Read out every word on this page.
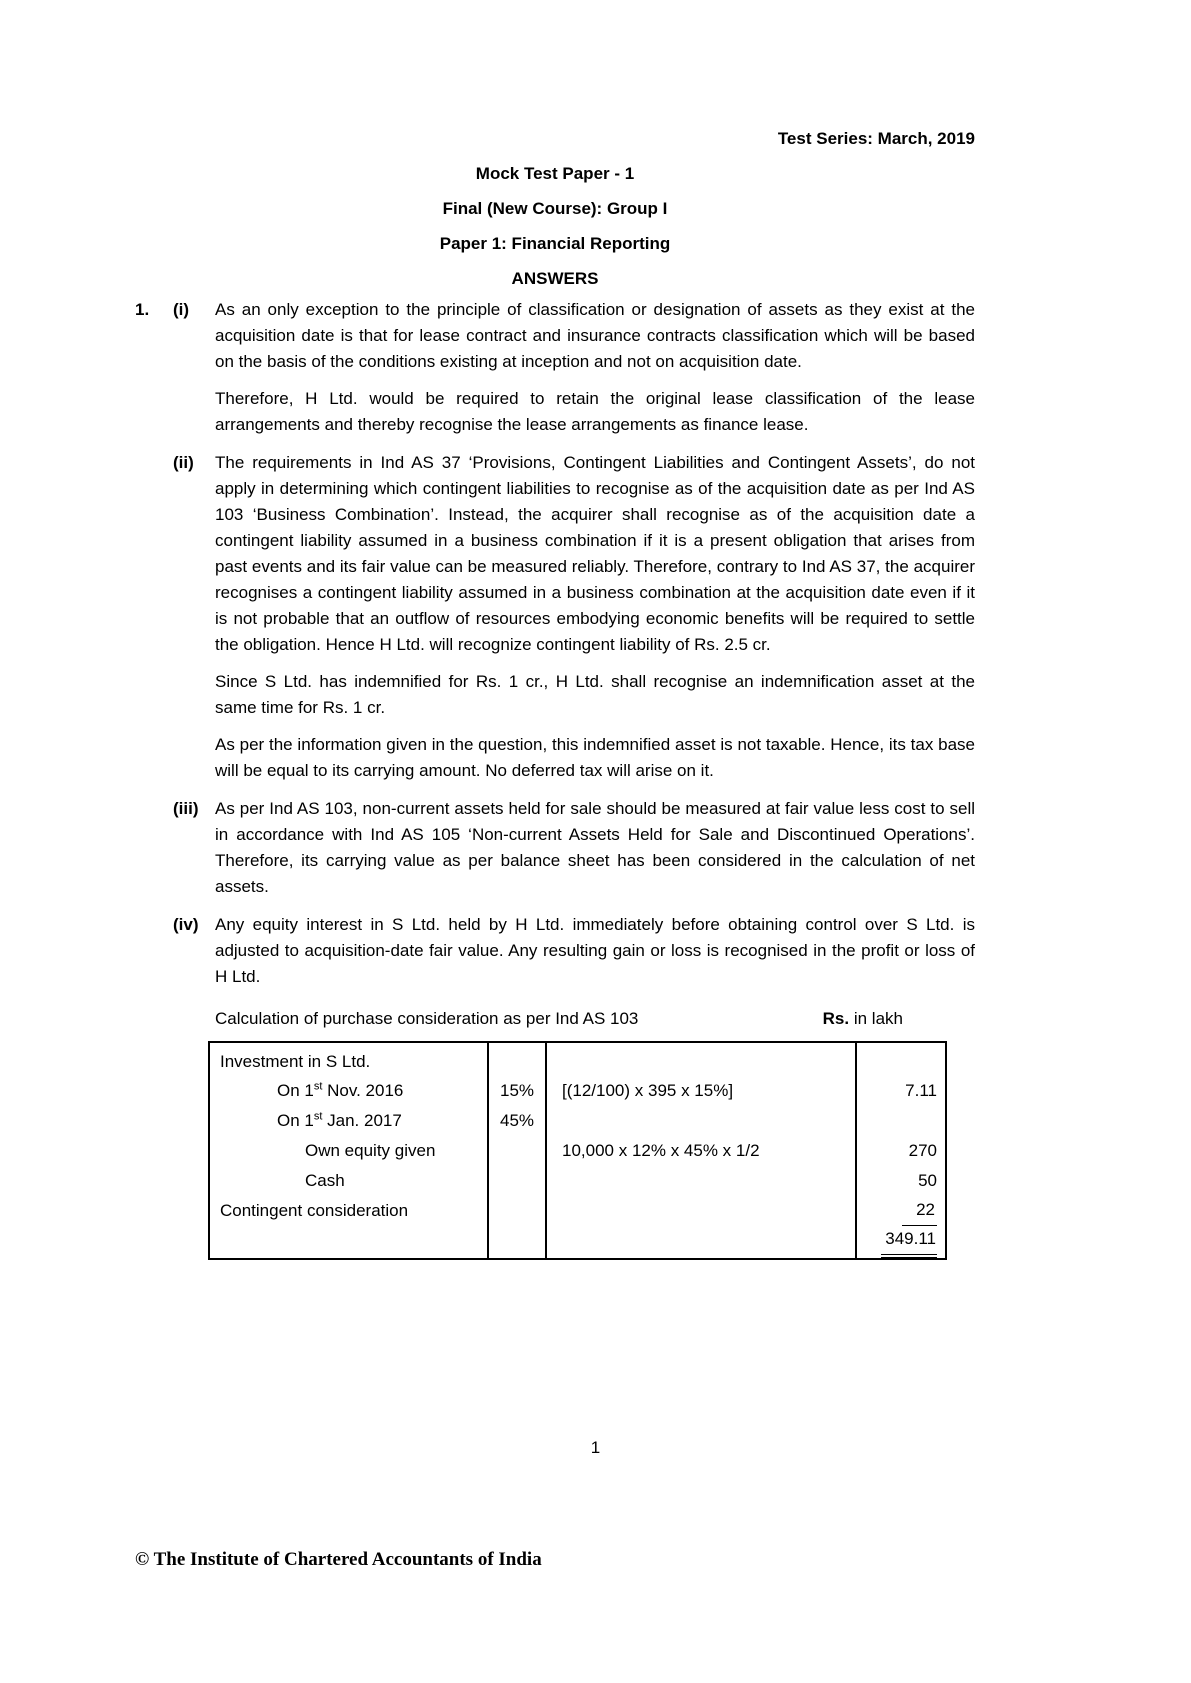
Test Series: March, 2019
Mock Test Paper - 1
Final (New Course): Group I
Paper 1: Financial Reporting
ANSWERS
1. (i) As an only exception to the principle of classification or designation of assets as they exist at the acquisition date is that for lease contract and insurance contracts classification which will be based on the basis of the conditions existing at inception and not on acquisition date.

Therefore, H Ltd. would be required to retain the original lease classification of the lease arrangements and thereby recognise the lease arrangements as finance lease.

(ii) The requirements in Ind AS 37 ‘Provisions, Contingent Liabilities and Contingent Assets’, do not apply in determining which contingent liabilities to recognise as of the acquisition date as per Ind AS 103 ‘Business Combination’. Instead, the acquirer shall recognise as of the acquisition date a contingent liability assumed in a business combination if it is a present obligation that arises from past events and its fair value can be measured reliably. Therefore, contrary to Ind AS 37, the acquirer recognises a contingent liability assumed in a business combination at the acquisition date even if it is not probable that an outflow of resources embodying economic benefits will be required to settle the obligation. Hence H Ltd. will recognize contingent liability of Rs. 2.5 cr.

Since S Ltd. has indemnified for Rs. 1 cr., H Ltd. shall recognise an indemnification asset at the same time for Rs. 1 cr.

As per the information given in the question, this indemnified asset is not taxable. Hence, its tax base will be equal to its carrying amount. No deferred tax will arise on it.

(iii) As per Ind AS 103, non-current assets held for sale should be measured at fair value less cost to sell in accordance with Ind AS 105 ‘Non-current Assets Held for Sale and Discontinued Operations’. Therefore, its carrying value as per balance sheet has been considered in the calculation of net assets.

(iv) Any equity interest in S Ltd. held by H Ltd. immediately before obtaining control over S Ltd. is adjusted to acquisition-date fair value. Any resulting gain or loss is recognised in the profit or loss of H Ltd.

Calculation of purchase consideration as per Ind AS 103	Rs. in lakh
Investment in S Ltd.			
On 1st Nov. 2016	15%	[(12/100) x 395 x 15%]	7.11
On 1st Jan. 2017	45%		
Own equity given		10,000 x 12% x 45% x 1/2	270
Cash			50
Contingent consideration			22
			349.11
1
© The Institute of Chartered Accountants of India
